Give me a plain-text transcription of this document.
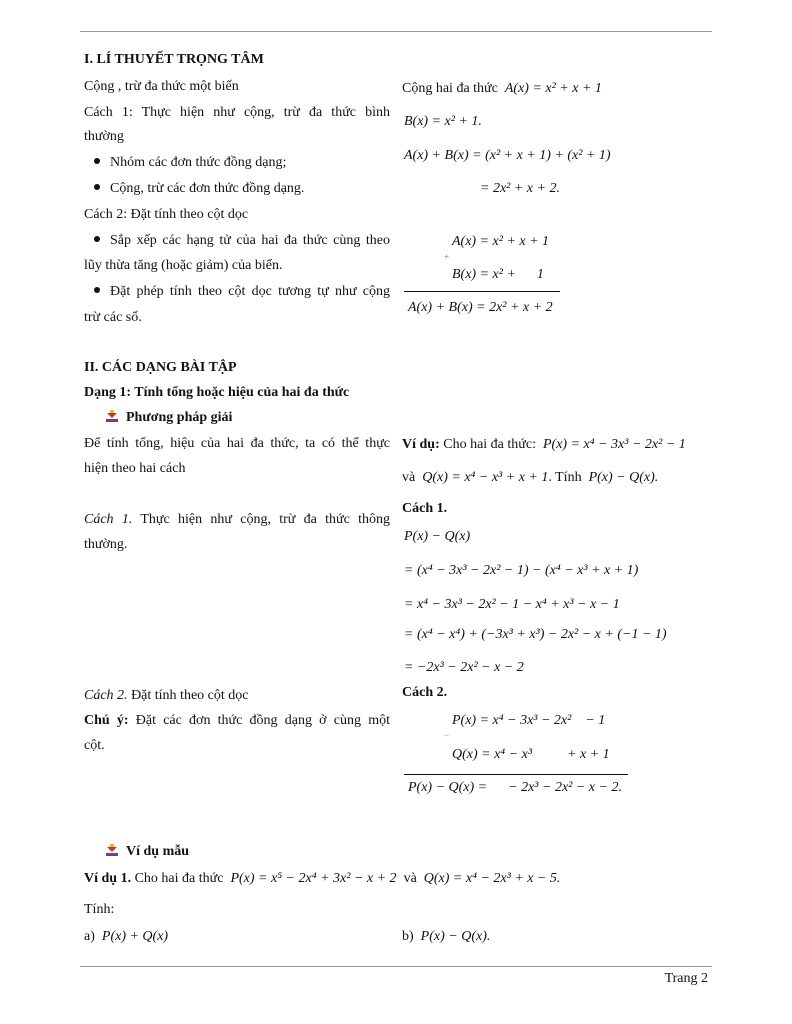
I. LÍ THUYẾT TRỌNG TÂM
Cộng , trừ đa thức một biến
Cách 1: Thực hiện như cộng, trừ đa thức bình
thường
Nhóm các đơn thức đồng dạng;
Cộng, trừ các đơn thức đồng dạng.
Cách 2: Đặt tính theo cột dọc
Sắp xếp các hạng tử của hai đa thức cùng theo
lũy thừa tăng (hoặc giảm) của biến.
Đặt phép tính theo cột dọc tương tự như cộng
trừ các số.
Cộng hai đa thức A(x) = x² + x + 1
B(x) = x² + 1.
A(x) + B(x) = (x² + x + 1) + (x² + 1)
= 2x² + x + 2.
A(x) = x² + x + 1
+
B(x) = x² +      1
A(x) + B(x) = 2x² + x + 2
II. CÁC DẠNG BÀI TẬP
Dạng 1: Tính tổng hoặc hiệu của hai đa thức
Phương pháp giải
Để tính tổng, hiệu của hai đa thức, ta có thể thực
hiện theo hai cách
Cách 1. Thực hiện như cộng, trừ đa thức thông
thường.
Cách 2. Đặt tính theo cột dọc
Chú ý: Đặt các đơn thức đồng dạng ở cùng một
cột.
Ví dụ: Cho hai đa thức: P(x) = x⁴ − 3x³ − 2x² − 1
và Q(x) = x⁴ − x³ + x + 1. Tính P(x) − Q(x).
Cách 1.
P(x) − Q(x)
= (x⁴ − 3x³ − 2x² − 1) − (x⁴ − x³ + x + 1)
= x⁴ − 3x³ − 2x² − 1 − x⁴ + x³ − x − 1
= (x⁴ − x⁴) + (−3x³ + x³) − 2x² − x + (−1 − 1)
= −2x³ − 2x² − x − 2
Cách 2.
P(x) = x⁴ − 3x³ − 2x²    − 1
−
Q(x) = x⁴ − x³          + x + 1
P(x) − Q(x) =      − 2x³ − 2x² − x − 2.
Ví dụ mẫu
Ví dụ 1. Cho hai đa thức P(x) = x⁵ − 2x⁴ + 3x² − x + 2 và Q(x) = x⁴ − 2x³ + x − 5.
Tính:
a) P(x) + Q(x)	b) P(x) − Q(x).
Trang 2
